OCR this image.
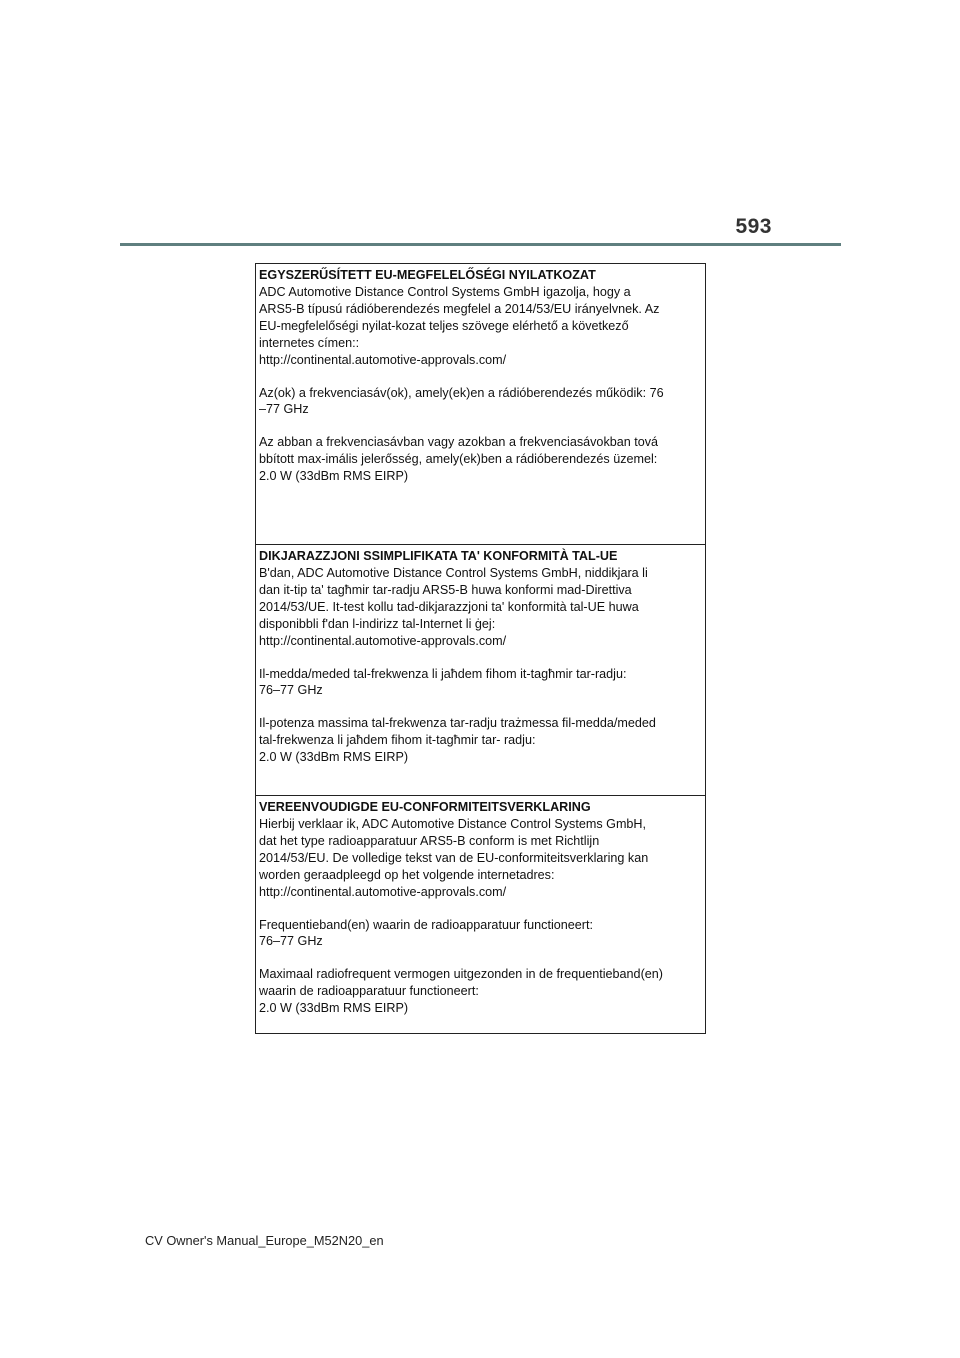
593

EGYSZERŰSÍTETT EU-MEGFELELŐSÉGI NYILATKOZAT

ADC Automotive Distance Control Systems GmbH igazolja, hogy a
ARS5-B típusú rádióberendezés megfelel a 2014/53/EU irányelvnek. Az
EU-megfelelőségi nyilat-kozat teljes szövege elérhető a következő
internetes címen::
http://continental.automotive-approvals.com/

Az(ok) a frekvenciasáv(ok), amely(ek)en a rádióberendezés működik: 76
–77 GHz

Az abban a frekvenciasávban vagy azokban a frekvenciasávokban tová
bbított max-imális jelerősség, amely(ek)ben a rádióberendezés üzemel:
2.0 W (33dBm RMS EIRP)

DIKJARAZZJONI SSIMPLIFIKATA TA' KONFORMITÀ TAL-UE

B'dan, ADC Automotive Distance Control Systems GmbH, niddikjara li
dan it-tip ta' tagħmir tar-radju ARS5-B huwa konformi mad-Direttiva
2014/53/UE. It-test kollu tad-dikjarazzjoni ta' konformità tal-UE huwa
disponibbli f'dan l-indirizz tal-Internet li ġej:
http://continental.automotive-approvals.com/

Il-medda/meded tal-frekwenza li jaħdem fihom it-tagħmir tar-radju:
76–77 GHz

Il-potenza massima tal-frekwenza tar-radju trażmessa fil-medda/meded
tal-frekwenza li jaħdem fihom it-tagħmir tar- radju:
2.0 W (33dBm RMS EIRP)

VEREENVOUDIGDE EU-CONFORMITEITSVERKLARING

Hierbij verklaar ik, ADC Automotive Distance Control Systems GmbH,
dat het type radioapparatuur ARS5-B conform is met Richtlijn
2014/53/EU. De volledige tekst van de EU-conformiteitsverklaring kan
worden geraadpleegd op het volgende internetadres:
http://continental.automotive-approvals.com/

Frequentieband(en) waarin de radioapparatuur functioneert:
76–77 GHz

Maximaal radiofrequent vermogen uitgezonden in de frequentieband(en)
waarin de radioapparatuur functioneert:
2.0 W (33dBm RMS EIRP)

CV Owner's Manual_Europe_M52N20_en
